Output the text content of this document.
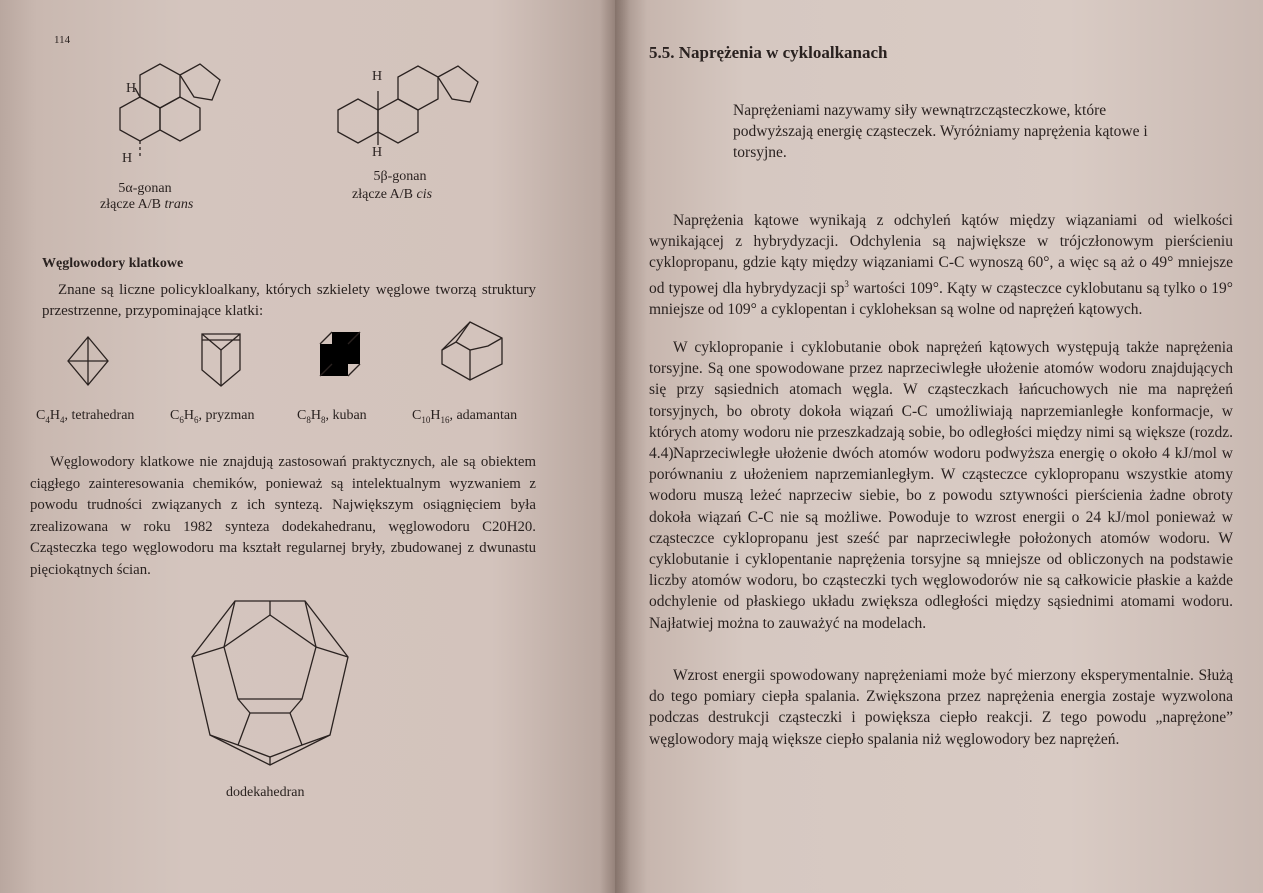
114
H
H
5α-gonan
złącze A/B trans
H
H
5β-gonan
złącze A/B cis
Węglowodory klatkowe
Znane są liczne policykloalkany, których szkielety węglowe tworzą struktury przestrzenne, przypominające klatki:
$C_4H_4$, tetrahedran	$C_6H_6$, pryzman	$C_8H_8$, kuban	$C_{10}H_{16}$, adamantan
Węglowodory klatkowe nie znajdują zastosowań praktycznych, ale są obiektem ciągłego zainteresowania chemików, ponieważ są intelektualnym wyzwaniem z powodu trudności związanych z ich syntezą. Największym osiągnięciem była zrealizowana w roku 1982 synteza dodekahedranu, węglowodoru C20H20. Cząsteczka tego węglowodoru ma kształt regularnej bryły, zbudowanej z dwunastu pięciokątnych ścian.
dodekahedran
5.5. Naprężenia w cykloalkanach
Naprężeniami nazywamy siły wewnątrzcząsteczkowe, które podwyższają energię cząsteczek. Wyróżniamy naprężenia kątowe i torsyjne.
Naprężenia kątowe wynikają z odchyleń kątów między wiązaniami od wielkości wynikającej z hybrydyzacji. Odchylenia są największe w trójczłonowym pierścieniu cyklopropanu, gdzie kąty między wiązaniami C-C wynoszą 60°, a więc są aż o 49° mniejsze od typowej dla hybrydyzacji $sp^3$ wartości 109°. Kąty w cząsteczce cyklobutanu są tylko o 19° mniejsze od 109° a cyklopentan i cykloheksan są wolne od naprężeń kątowych.
W cyklopropanie i cyklobutanie obok naprężeń kątowych występują także naprężenia torsyjne. Są one spowodowane przez naprzeciwległe ułożenie atomów wodoru znajdujących się przy sąsiednich atomach węgla. W cząsteczkach łańcuchowych nie ma naprężeń torsyjnych, bo obroty dokoła wiązań C-C umożliwiają naprzemianległe konformacje, w których atomy wodoru nie przeszkadzają sobie, bo odległości między nimi są większe (rozdz. 4.4).
Naprzeciwległe ułożenie dwóch atomów wodoru podwyższa energię o około 4 kJ/mol w porównaniu z ułożeniem naprzemianległym. W cząsteczce cyklopropanu wszystkie atomy wodoru muszą leżeć naprzeciw siebie, bo z powodu sztywności pierścienia żadne obroty dokoła wiązań C-C nie są możliwe. Powoduje to wzrost energii o 24 kJ/mol ponieważ w cząsteczce cyklopropanu jest sześć par naprzeciwległe położonych atomów wodoru. W cyklobutanie i cyklopentanie naprężenia torsyjne są mniejsze od obliczonych na podstawie liczby atomów wodoru, bo cząsteczki tych węglowodorów nie są całkowicie płaskie a każde odchylenie od płaskiego układu zwiększa odległości między sąsiednimi atomami wodoru. Najłatwiej można to zauważyć na modelach.
Wzrost energii spowodowany naprężeniami może być mierzony eksperymentalnie. Służą do tego pomiary ciepła spalania. Zwiększona przez naprężenia energia zostaje wyzwolona podczas destrukcji cząsteczki i powiększa ciepło reakcji. Z tego powodu „naprężone” węglowodory mają większe ciepło spalania niż węglowodory bez naprężeń.
